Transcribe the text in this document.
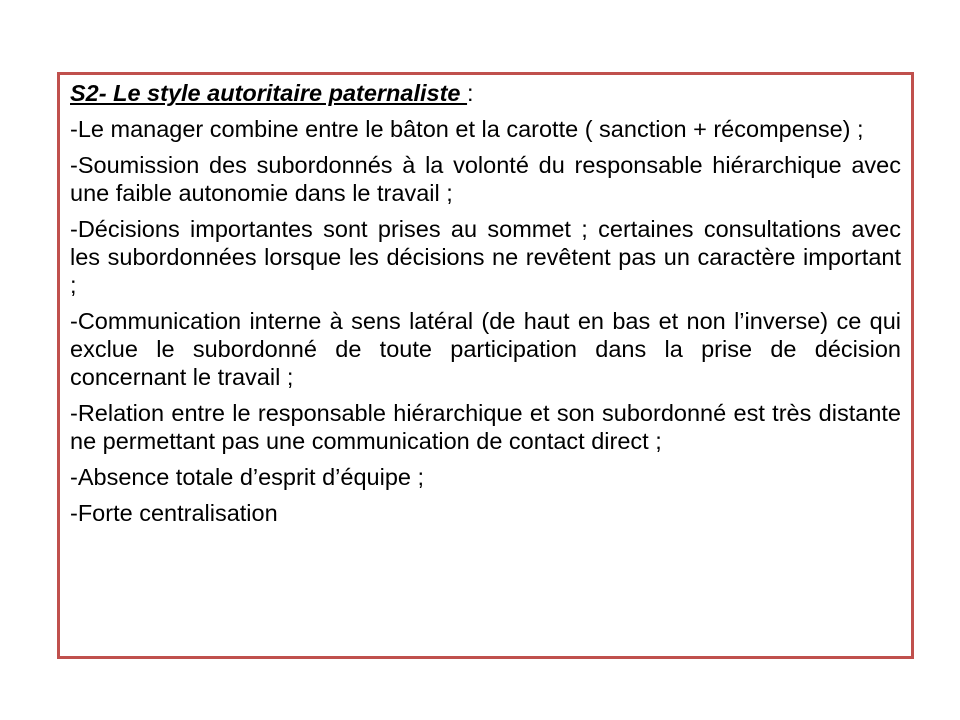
S2- Le style autoritaire paternaliste :

-Le manager combine entre le bâton et la carotte ( sanction + récompense) ;

-Soumission des subordonnés à la volonté du responsable hiérarchique avec une faible autonomie dans le travail ;

-Décisions importantes sont prises au sommet ; certaines consultations avec les subordonnées lorsque les décisions ne revêtent pas un caractère important ;

-Communication interne à sens latéral (de haut en bas et non l’inverse) ce qui exclue le subordonné de toute participation dans la prise de décision concernant le travail ;

-Relation entre le responsable hiérarchique et son subordonné est très distante ne permettant pas une communication de contact direct ;

-Absence totale d’esprit d’équipe ;

-Forte centralisation
